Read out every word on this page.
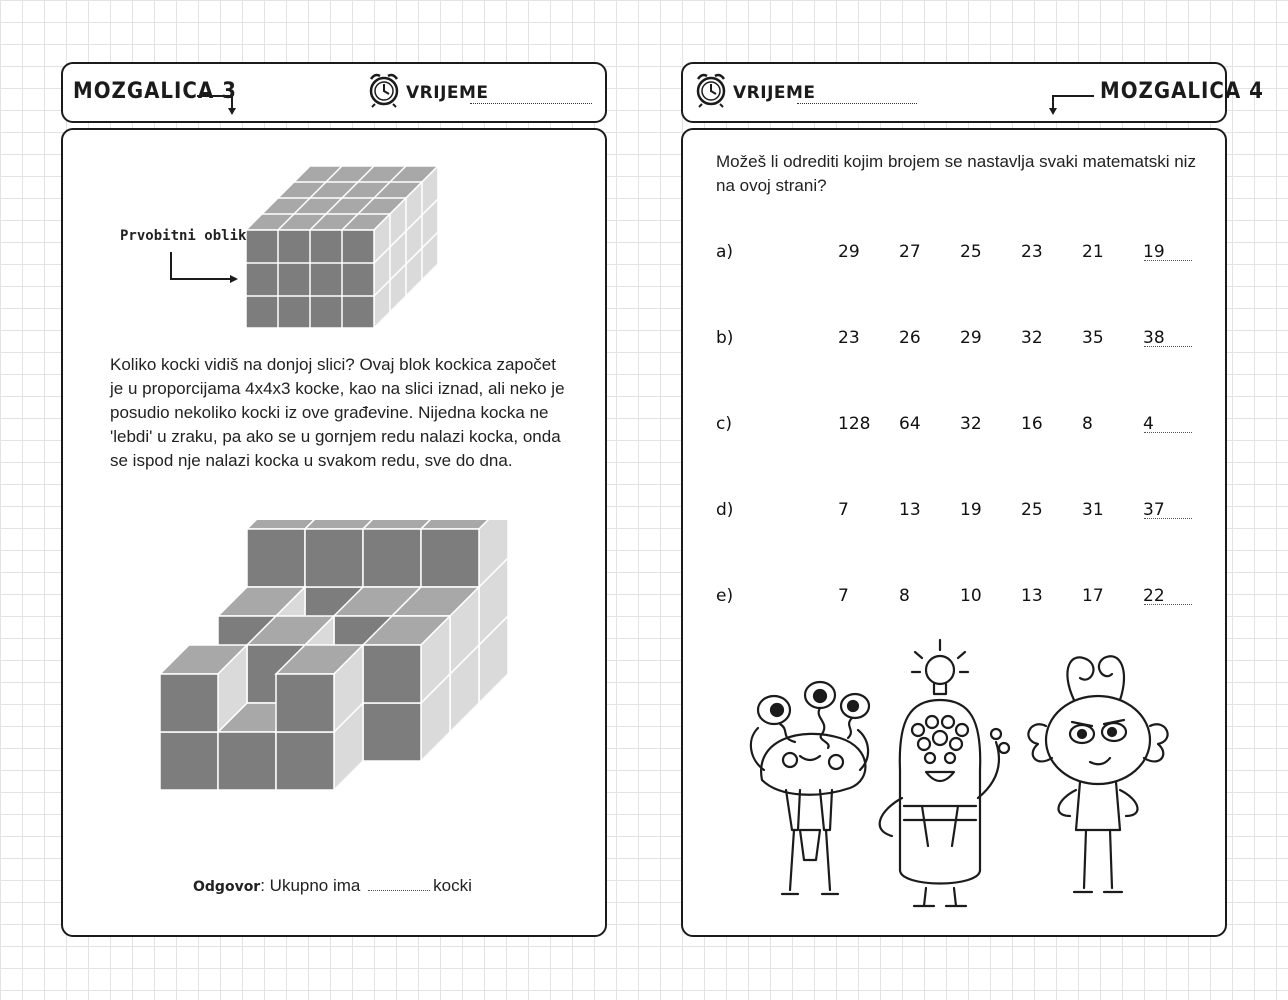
MOZGALICA 3	VRIJEME
Prvobitni oblik
Koliko kocki vidiš na donjoj slici? Ovaj blok kockica započet
je u proporcijama 4x4x3 kocke, kao na slici iznad, ali neko je
posudio nekoliko kocki iz ove građevine. Nijedna kocka ne
'lebdi' u zraku, pa ako se u gornjem redu nalazi kocka, onda
se ispod nje nalazi kocka u svakom redu, sve do dna.
Odgovor: Ukupno ima	kocki
VRIJEME	MOZGALICA 4
Možeš li odrediti kojim brojem se nastavlja svaki matematski niz
na ovoj strani?
a)	29 27 25 23 21 19
b)	23 26 29 32 35 38
c)	128 64 32 16 8	4
d)	7	13 19 25 31 37
e)	7	8	10 13 17 22
